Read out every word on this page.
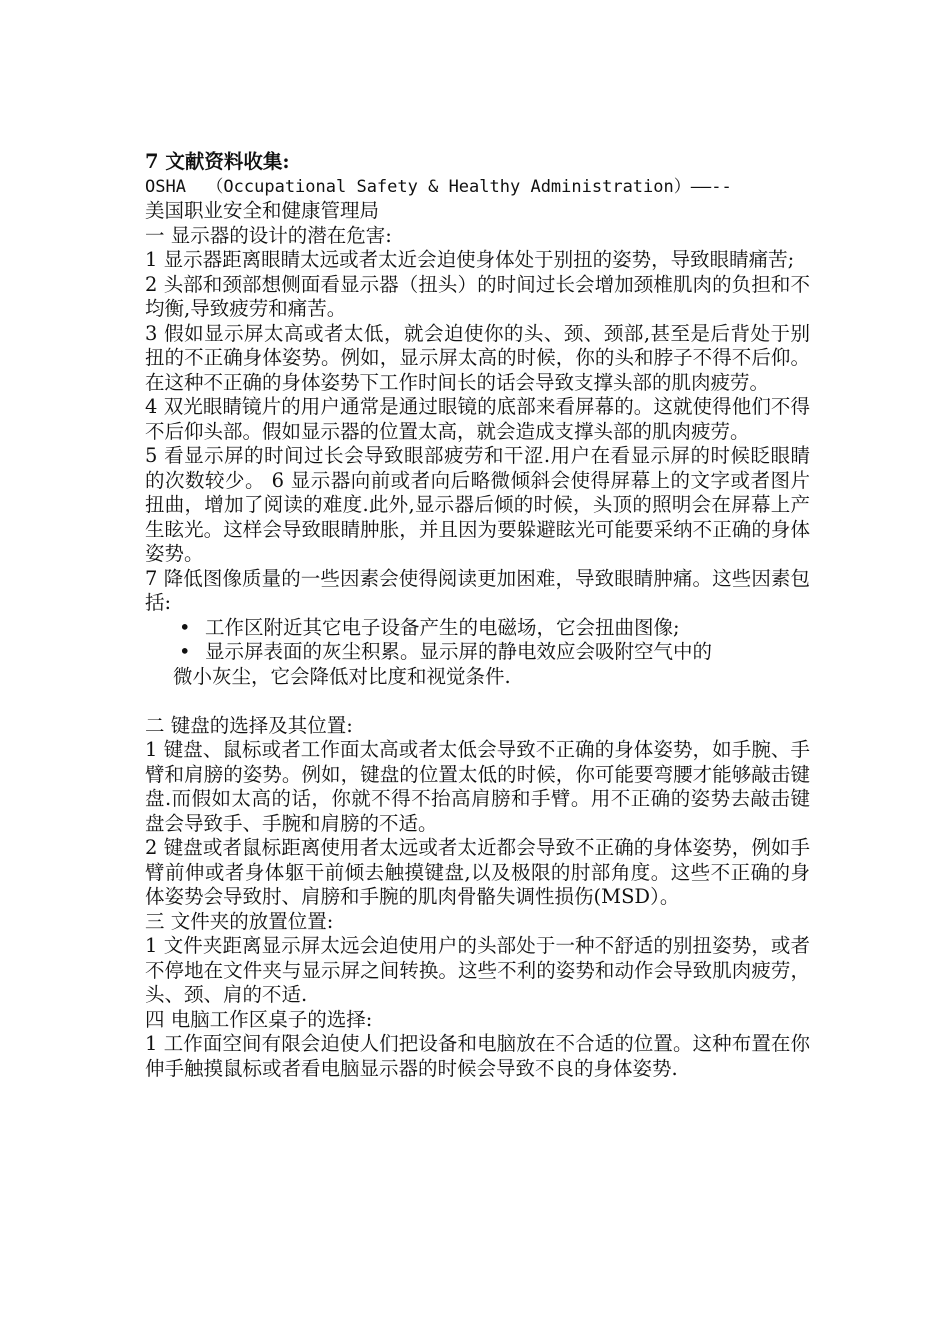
7 文献资料收集:

OSHA  （Occupational Safety & Healthy Administration）——--

美国职业安全和健康管理局

一 显示器的设计的潜在危害:

1 显示器距离眼睛太远或者太近会迫使身体处于别扭的姿势，导致眼睛痛苦;

2 头部和颈部想侧面看显示器（扭头）的时间过长会增加颈椎肌肉的负担和不均衡,导致疲劳和痛苦。

3 假如显示屏太高或者太低，就会迫使你的头、颈、颈部,甚至是后背处于别扭的不正确身体姿势。例如，显示屏太高的时候，你的头和脖子不得不后仰。在这种不正确的身体姿势下工作时间长的话会导致支撑头部的肌肉疲劳。

4 双光眼睛镜片的用户通常是通过眼镜的底部来看屏幕的。这就使得他们不得不后仰头部。假如显示器的位置太高，就会造成支撑头部的肌肉疲劳。

5 看显示屏的时间过长会导致眼部疲劳和干涩.用户在看显示屏的时候眨眼睛的次数较少。 6 显示器向前或者向后略微倾斜会使得屏幕上的文字或者图片扭曲，增加了阅读的难度.此外,显示器后倾的时候，头顶的照明会在屏幕上产生眩光。这样会导致眼睛肿胀，并且因为要躲避眩光可能要采纳不正确的身体姿势。

7 降低图像质量的一些因素会使得阅读更加困难，导致眼睛肿痛。这些因素包括:

• 工作区附近其它电子设备产生的电磁场，它会扭曲图像;
• 显示屏表面的灰尘积累。显示屏的静电效应会吸附空气中的
微小灰尘，它会降低对比度和视觉条件.

二 键盘的选择及其位置:

1 键盘、鼠标或者工作面太高或者太低会导致不正确的身体姿势，如手腕、手臂和肩膀的姿势。例如，键盘的位置太低的时候，你可能要弯腰才能够敲击键盘.而假如太高的话，你就不得不抬高肩膀和手臂。用不正确的姿势去敲击键盘会导致手、手腕和肩膀的不适。

2 键盘或者鼠标距离使用者太远或者太近都会导致不正确的身体姿势，例如手臂前伸或者身体躯干前倾去触摸键盘,以及极限的肘部角度。这些不正确的身体姿势会导致肘、肩膀和手腕的肌肉骨骼失调性损伤(MSD）。

三 文件夹的放置位置:

1 文件夹距离显示屏太远会迫使用户的头部处于一种不舒适的别扭姿势，或者不停地在文件夹与显示屏之间转换。这些不利的姿势和动作会导致肌肉疲劳，头、颈、肩的不适.

四 电脑工作区桌子的选择:

1 工作面空间有限会迫使人们把设备和电脑放在不合适的位置。这种布置在你伸手触摸鼠标或者看电脑显示器的时候会导致不良的身体姿势.
